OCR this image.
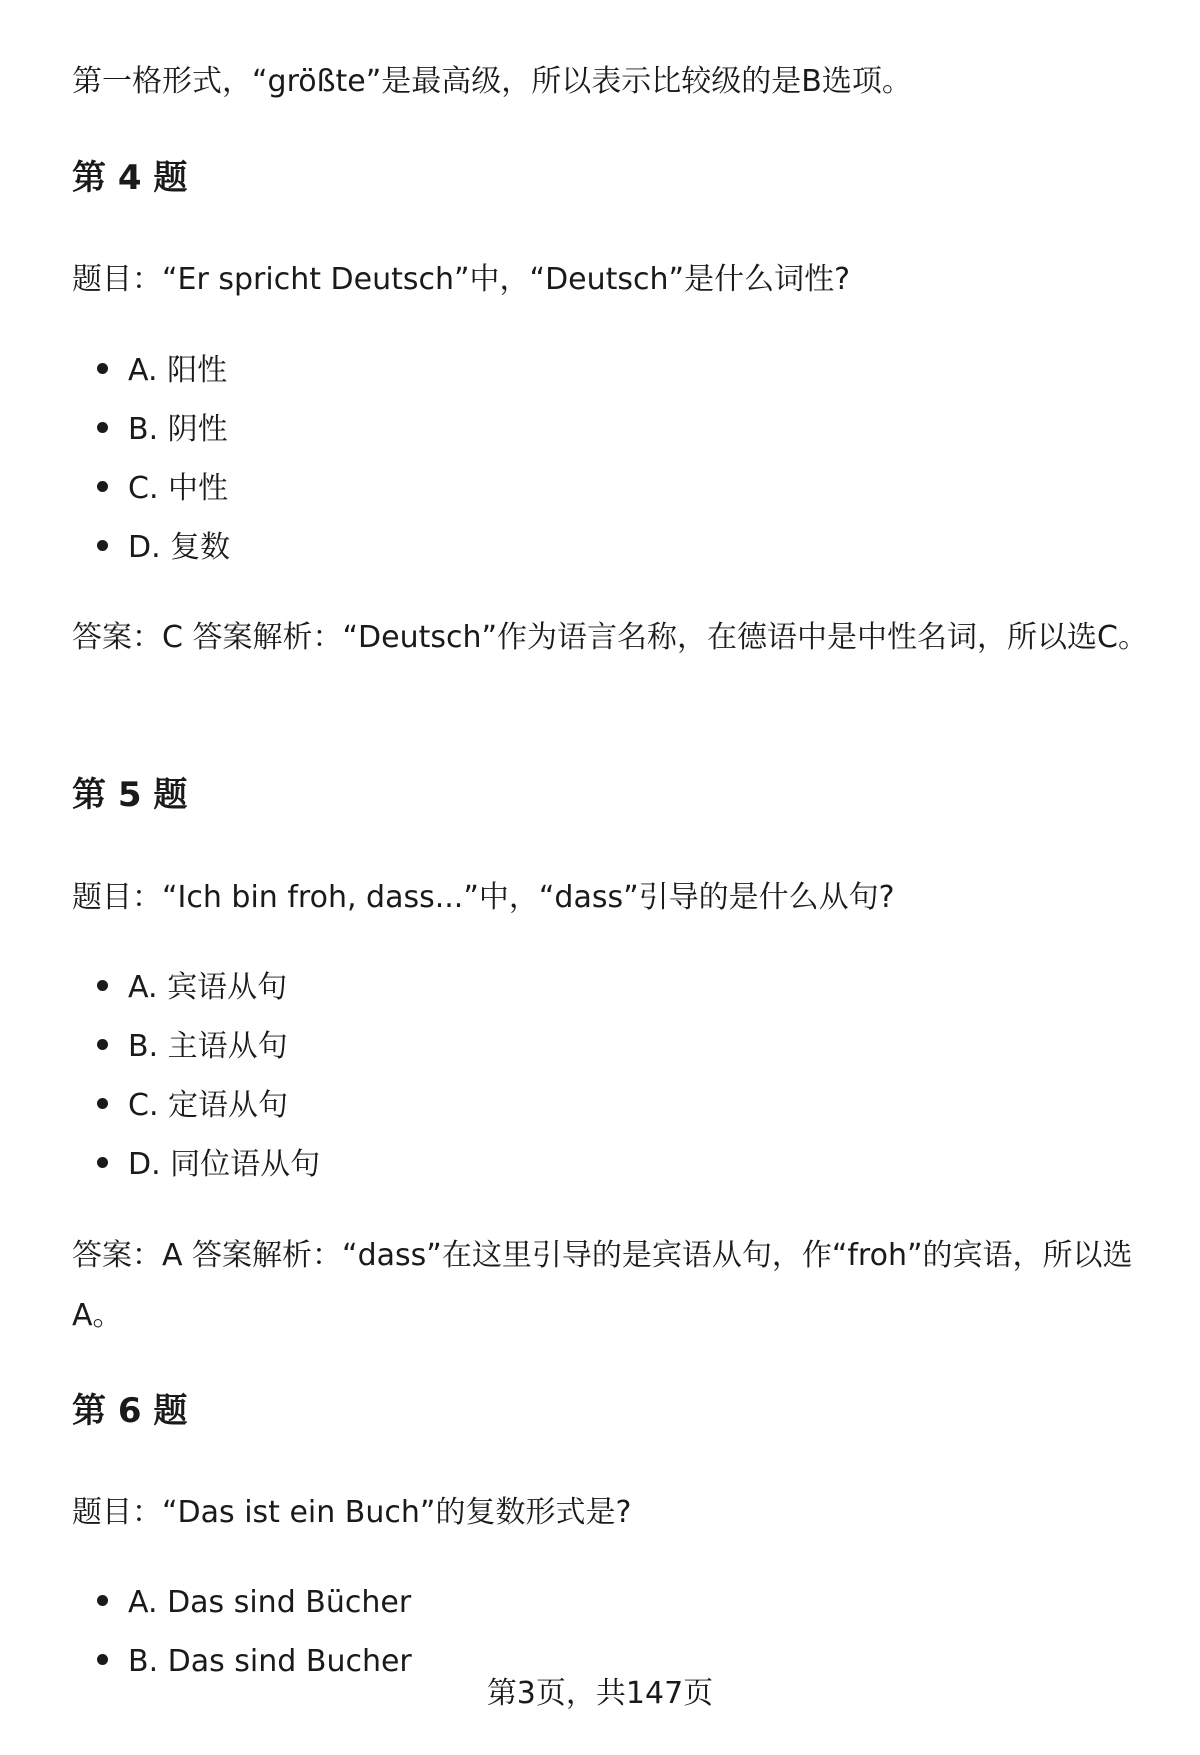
第一格形式，“größte”是最高级，所以表示比较级的是B选项。

第 4 题

题目：“Er spricht Deutsch”中，“Deutsch”是什么词性?

A. 阳性
B. 阴性
C. 中性
D. 复数

答案：C 答案解析：“Deutsch”作为语言名称，在德语中是中性名词，所以选C。

第 5 题

题目：“Ich bin froh, dass...”中，“dass”引导的是什么从句?

A. 宾语从句
B. 主语从句
C. 定语从句
D. 同位语从句

答案：A 答案解析：“dass”在这里引导的是宾语从句，作“froh”的宾语，所以选A。

第 6 题

题目：“Das ist ein Buch”的复数形式是?

A. Das sind Bücher
B. Das sind Bucher

第3页，共147页
